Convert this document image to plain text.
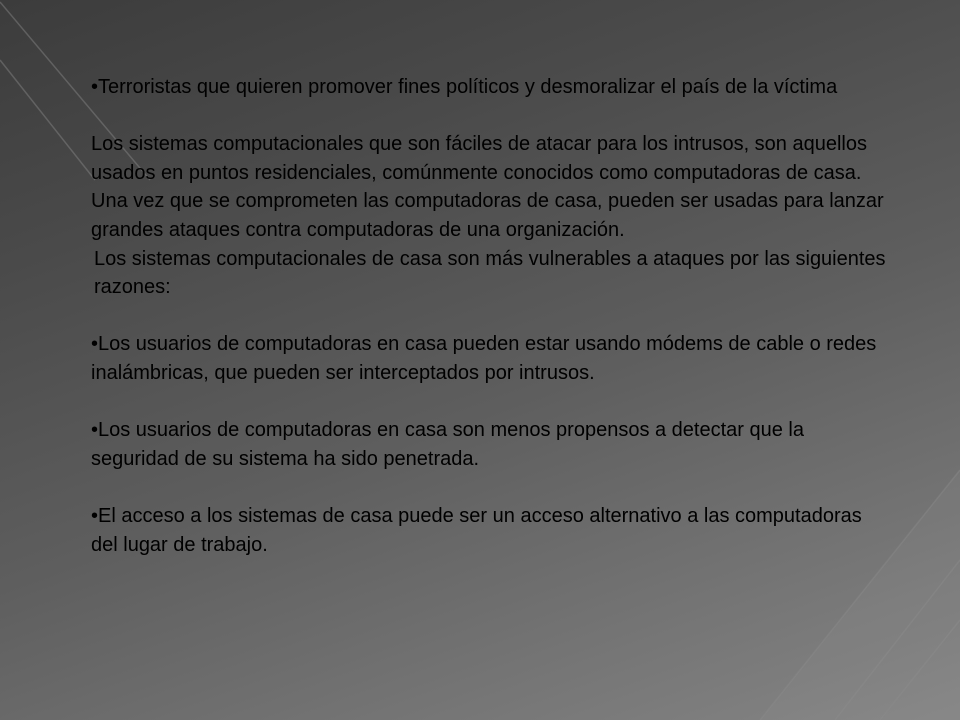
•Terroristas que quieren promover fines políticos y desmoralizar el país de la víctima

Los sistemas computacionales que son fáciles de atacar para los intrusos, son aquellos usados en puntos residenciales, comúnmente conocidos como computadoras de casa. Una vez que se comprometen las computadoras de casa, pueden ser usadas para lanzar grandes ataques contra computadoras de una organización.

Los sistemas computacionales de casa son más vulnerables a ataques por las siguientes razones:

•Los usuarios de computadoras en casa pueden estar usando módems de cable o redes inalámbricas, que pueden ser interceptados por intrusos.

•Los usuarios de computadoras en casa son menos propensos a detectar que la seguridad de su sistema ha sido penetrada.

•El acceso a los sistemas de casa puede ser un acceso alternativo a las computadoras del lugar de trabajo.
